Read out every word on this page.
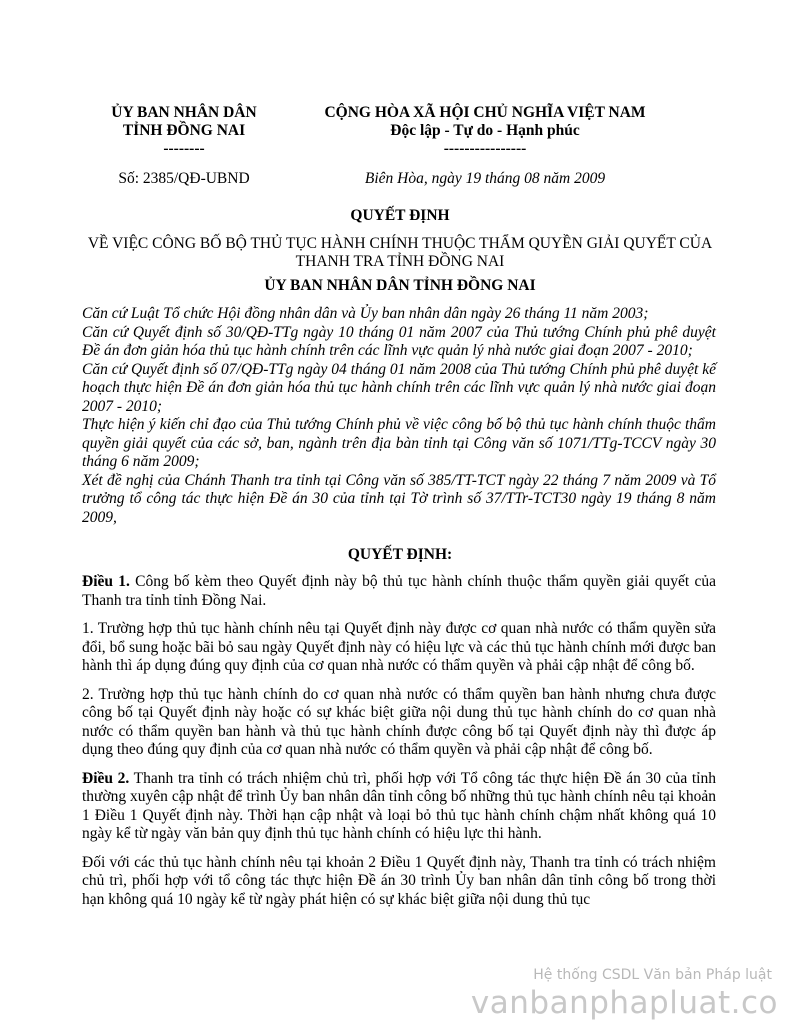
ỦY BAN NHÂN DÂN
TỈNH ĐỒNG NAI
--------
Số: 2385/QĐ-UBND
CỘNG HÒA XÃ HỘI CHỦ NGHĨA VIỆT NAM
Độc lập - Tự do - Hạnh phúc
----------------
Biên Hòa, ngày 19 tháng 08 năm 2009
QUYẾT ĐỊNH
VỀ VIỆC CÔNG BỐ BỘ THỦ TỤC HÀNH CHÍNH THUỘC THẨM QUYỀN GIẢI QUYẾT CỦA THANH TRA TỈNH ĐỒNG NAI
ỦY BAN NHÂN DÂN TỈNH ĐỒNG NAI

Căn cứ Luật Tổ chức Hội đồng nhân dân và Ủy ban nhân dân ngày 26 tháng 11 năm 2003;

Căn cứ Quyết định số 30/QĐ-TTg ngày 10 tháng 01 năm 2007 của Thủ tướng Chính phủ phê duyệt Đề án đơn giản hóa thủ tục hành chính trên các lĩnh vực quản lý nhà nước giai đoạn 2007 - 2010;

Căn cứ Quyết định số 07/QĐ-TTg ngày 04 tháng 01 năm 2008 của Thủ tướng Chính phủ phê duyệt kế hoạch thực hiện Đề án đơn giản hóa thủ tục hành chính trên các lĩnh vực quản lý nhà nước giai đoạn 2007 - 2010;

Thực hiện ý kiến chỉ đạo của Thủ tướng Chính phủ về việc công bố bộ thủ tục hành chính thuộc thẩm quyền giải quyết của các sở, ban, ngành trên địa bàn tỉnh tại Công văn số 1071/TTg-TCCV ngày 30 tháng 6 năm 2009;

Xét đề nghị của Chánh Thanh tra tỉnh tại Công văn số 385/TT-TCT ngày 22 tháng 7 năm 2009 và Tổ trưởng tổ công tác thực hiện Đề án 30 của tỉnh tại Tờ trình số 37/TTr-TCT30 ngày 19 tháng 8 năm 2009,

QUYẾT ĐỊNH:

Điều 1. Công bố kèm theo Quyết định này bộ thủ tục hành chính thuộc thẩm quyền giải quyết của Thanh tra tỉnh tỉnh Đồng Nai.

1. Trường hợp thủ tục hành chính nêu tại Quyết định này được cơ quan nhà nước có thẩm quyền sửa đổi, bổ sung hoặc bãi bỏ sau ngày Quyết định này có hiệu lực và các thủ tục hành chính mới được ban hành thì áp dụng đúng quy định của cơ quan nhà nước có thẩm quyền và phải cập nhật để công bố.

2. Trường hợp thủ tục hành chính do cơ quan nhà nước có thẩm quyền ban hành nhưng chưa được công bố tại Quyết định này hoặc có sự khác biệt giữa nội dung thủ tục hành chính do cơ quan nhà nước có thẩm quyền ban hành và thủ tục hành chính được công bố tại Quyết định này thì được áp dụng theo đúng quy định của cơ quan nhà nước có thẩm quyền và phải cập nhật để công bố.

Điều 2. Thanh tra tỉnh có trách nhiệm chủ trì, phối hợp với Tổ công tác thực hiện Đề án 30 của tỉnh thường xuyên cập nhật để trình Ủy ban nhân dân tỉnh công bố những thủ tục hành chính nêu tại khoản 1 Điều 1 Quyết định này. Thời hạn cập nhật và loại bỏ thủ tục hành chính chậm nhất không quá 10 ngày kể từ ngày văn bản quy định thủ tục hành chính có hiệu lực thi hành.

Đối với các thủ tục hành chính nêu tại khoản 2 Điều 1 Quyết định này, Thanh tra tỉnh có trách nhiệm chủ trì, phối hợp với tổ công tác thực hiện Đề án 30 trình Ủy ban nhân dân tỉnh công bố trong thời hạn không quá 10 ngày kể từ ngày phát hiện có sự khác biệt giữa nội dung thủ tục

Hệ thống CSDL Văn bản Pháp luật
vanbanphapluat.co
